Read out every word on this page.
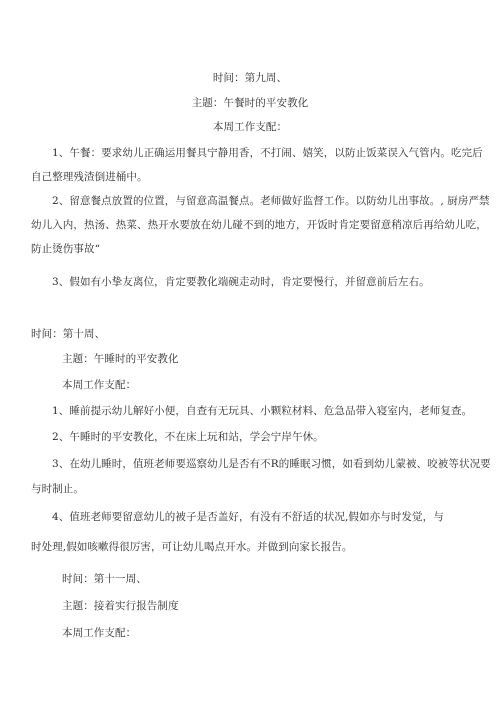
时间：第九周、
主题：午餐时的平安教化
本周工作支配：
1、午餐：要求幼儿正确运用餐具宁静用香，不打闹、嬉笑，以防止饭菜误入气管内。吃完后
自己整理残渣倒进桶中。
2、留意餐点放置的位置，与留意高温餐点。老师做好监督工作。以防幼儿出事故。, 厨房严禁
幼儿入内，热汤、热菜、热开水要放在幼儿碰不到的地方，开饭时肯定要留意稍凉后再给幼儿吃，
防止烫伤事故“
3、假如有小挚友离位，肯定要教化端碗走动时，肯定要慢行，并留意前后左右。
时间：第十周、
主题：午睡时的平安教化
本周工作支配：
1、睡前提示幼儿解好小便，自查有无玩具、小颗粒材料、危急品带入寝室内，老师复查。
2、午睡时的平安教化，不在床上玩和站，学会宁岸午休。
3、在幼儿睡时，值班老师要巡察幼儿是否有不R的睡眠习惯，如看到幼儿蒙被、咬被等状况要
与时制止。
4、值班老师要留意幼儿的被子是否盖好，有没有不舒适的状况,假如亦与时发觉，与
时处理,假如咳嗽得很厉害，可让幼儿喝点开水。并做到向家长报告。
时间：第十一周、
主题：接着实行报告制度
本周工作支配：
